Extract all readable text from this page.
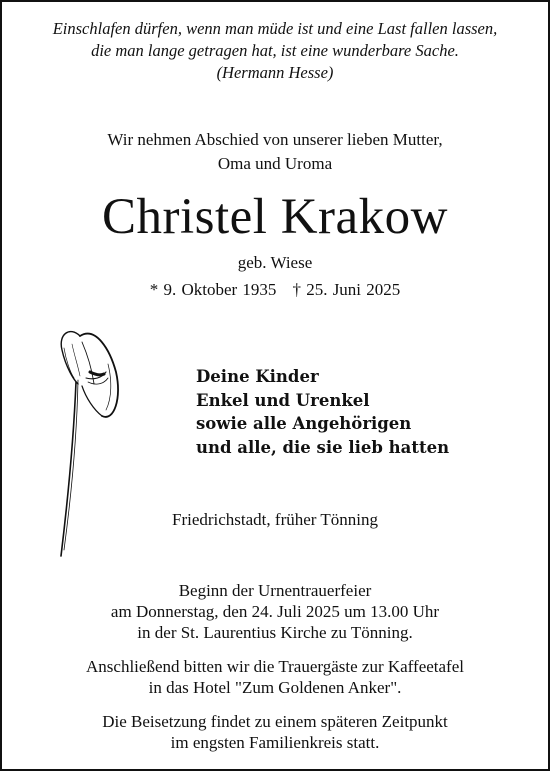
Einschlafen dürfen, wenn man müde ist und eine Last fallen lassen,
die man lange getragen hat, ist eine wunderbare Sache.
(Hermann Hesse)
Wir nehmen Abschied von unserer lieben Mutter,
Oma und Uroma
Christel Krakow
geb. Wiese
* 9. Oktober 1935 † 25. Juni 2025
Deine Kinder
Enkel und Urenkel
sowie alle Angehörigen
und alle, die sie lieb hatten
Friedrichstadt, früher Tönning
Beginn der Urnentrauerfeier
am Donnerstag, den 24. Juli 2025 um 13.00 Uhr
in der St. Laurentius Kirche zu Tönning.
Anschließend bitten wir die Trauergäste zur Kaffeetafel
in das Hotel "Zum Goldenen Anker".
Die Beisetzung findet zu einem späteren Zeitpunkt
im engsten Familienkreis statt.
